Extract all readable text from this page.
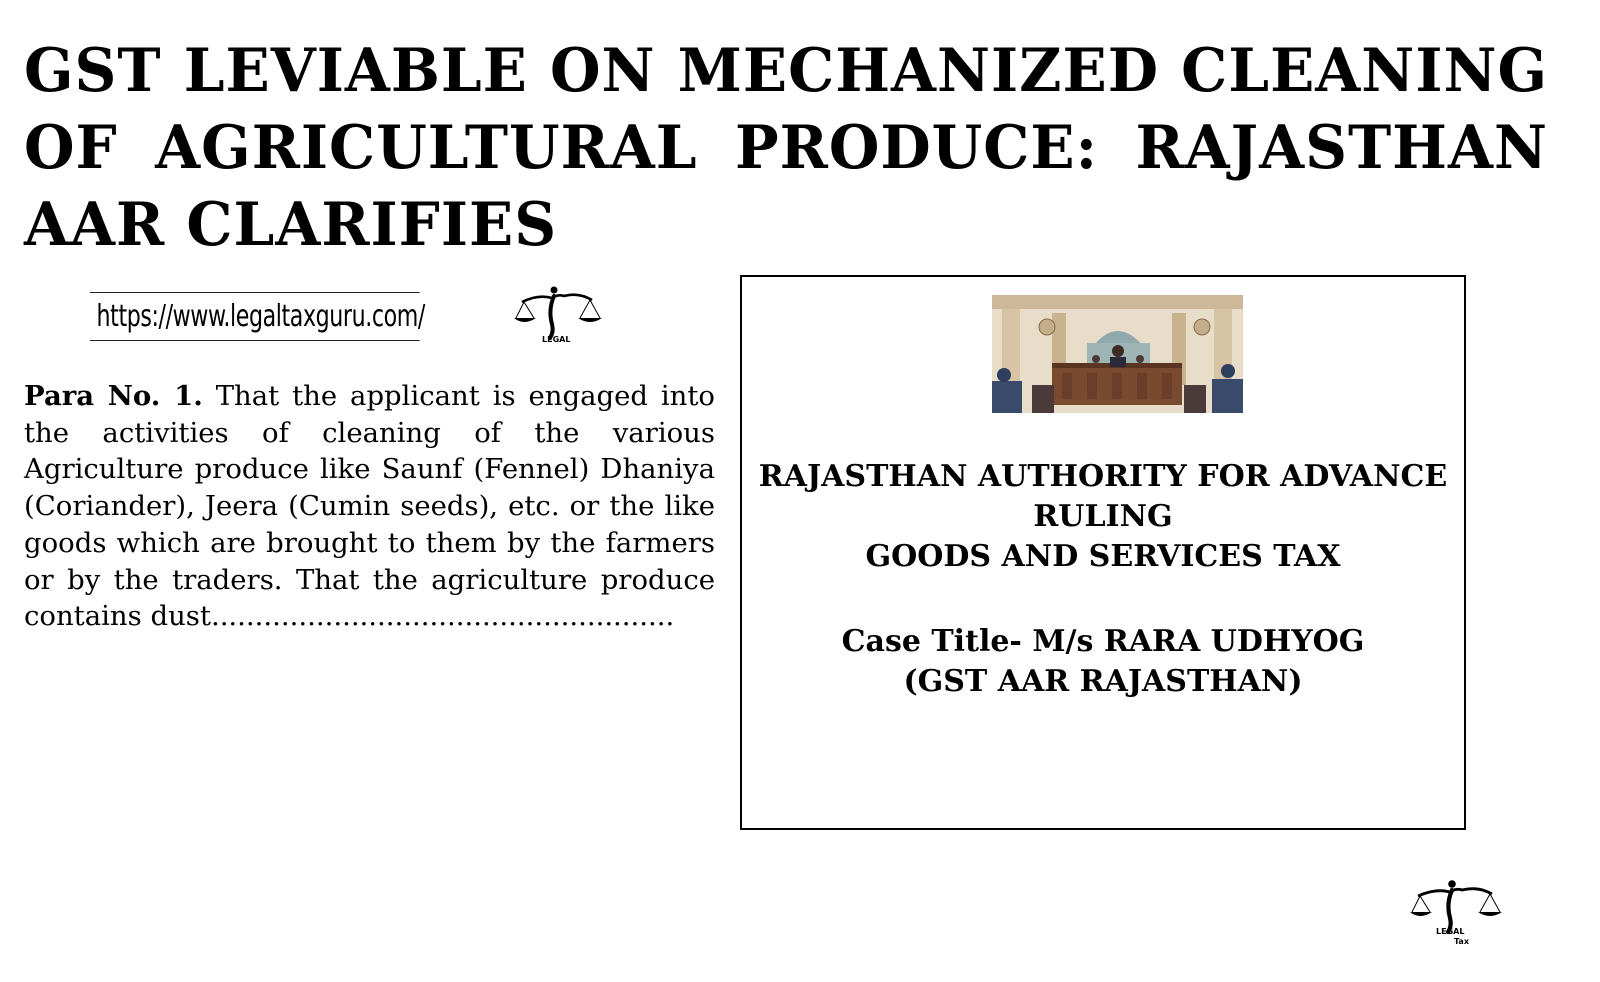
GST LEVIABLE ON MECHANIZED CLEANING OF AGRICULTURAL PRODUCE: RAJASTHAN AAR CLARIFIES
https://www.legaltaxguru.com/
LEGAL

Para No. 1. That the applicant is engaged into the activities of cleaning of the various Agriculture produce like Saunf (Fennel) Dhaniya (Coriander), Jeera (Cumin seeds), etc. or the like goods which are brought to them by the farmers or by the traders. That the agriculture produce contains dust.....................................................

RAJASTHAN AUTHORITY FOR ADVANCE
RULING
GOODS AND SERVICES TAX
Case Title- M/s RARA UDHYOG
(GST AAR RAJASTHAN)
LEGAL
Tax
